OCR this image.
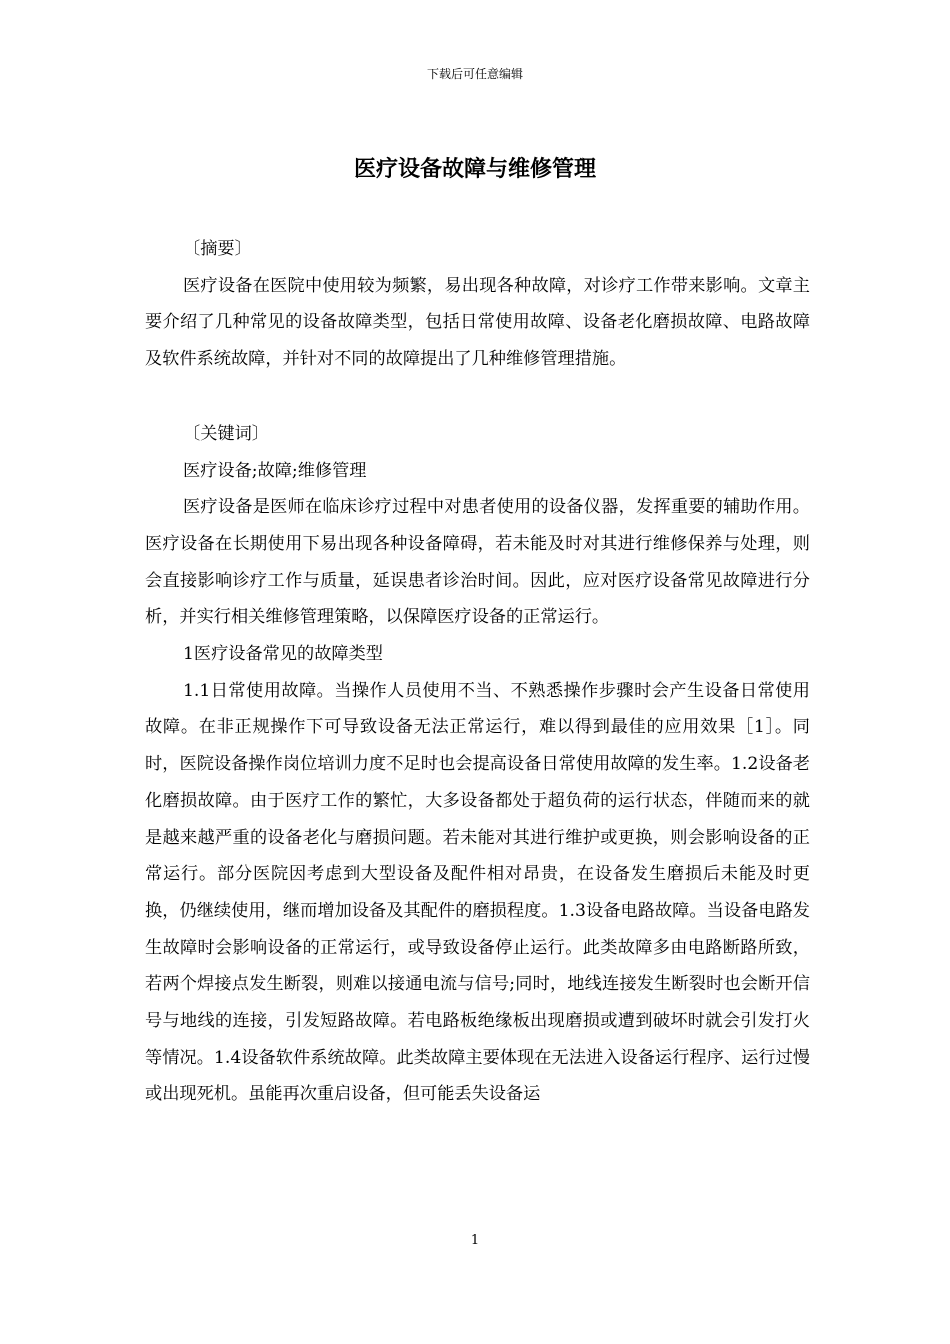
下载后可任意编辑
医疗设备故障与维修管理

〔摘要〕

医疗设备在医院中使用较为频繁，易出现各种故障，对诊疗工作带来影响。文章主要介绍了几种常见的设备故障类型，包括日常使用故障、设备老化磨损故障、电路故障及软件系统故障，并针对不同的故障提出了几种维修管理措施。

〔关键词〕

医疗设备;故障;维修管理

医疗设备是医师在临床诊疗过程中对患者使用的设备仪器，发挥重要的辅助作用。医疗设备在长期使用下易出现各种设备障碍，若未能及时对其进行维修保养与处理，则会直接影响诊疗工作与质量，延误患者诊治时间。因此，应对医疗设备常见故障进行分析，并实行相关维修管理策略，以保障医疗设备的正常运行。

1医疗设备常见的故障类型

1.1日常使用故障。当操作人员使用不当、不熟悉操作步骤时会产生设备日常使用故障。在非正规操作下可导致设备无法正常运行，难以得到最佳的应用效果［1］。同时，医院设备操作岗位培训力度不足时也会提高设备日常使用故障的发生率。1.2设备老化磨损故障。由于医疗工作的繁忙，大多设备都处于超负荷的运行状态，伴随而来的就是越来越严重的设备老化与磨损问题。若未能对其进行维护或更换，则会影响设备的正常运行。部分医院因考虑到大型设备及配件相对昂贵，在设备发生磨损后未能及时更换，仍继续使用，继而增加设备及其配件的磨损程度。1.3设备电路故障。当设备电路发生故障时会影响设备的正常运行，或导致设备停止运行。此类故障多由电路断路所致，若两个焊接点发生断裂，则难以接通电流与信号;同时，地线连接发生断裂时也会断开信号与地线的连接，引发短路故障。若电路板绝缘板出现磨损或遭到破坏时就会引发打火等情况。1.4设备软件系统故障。此类故障主要体现在无法进入设备运行程序、运行过慢或出现死机。虽能再次重启设备，但可能丢失设备运

1
